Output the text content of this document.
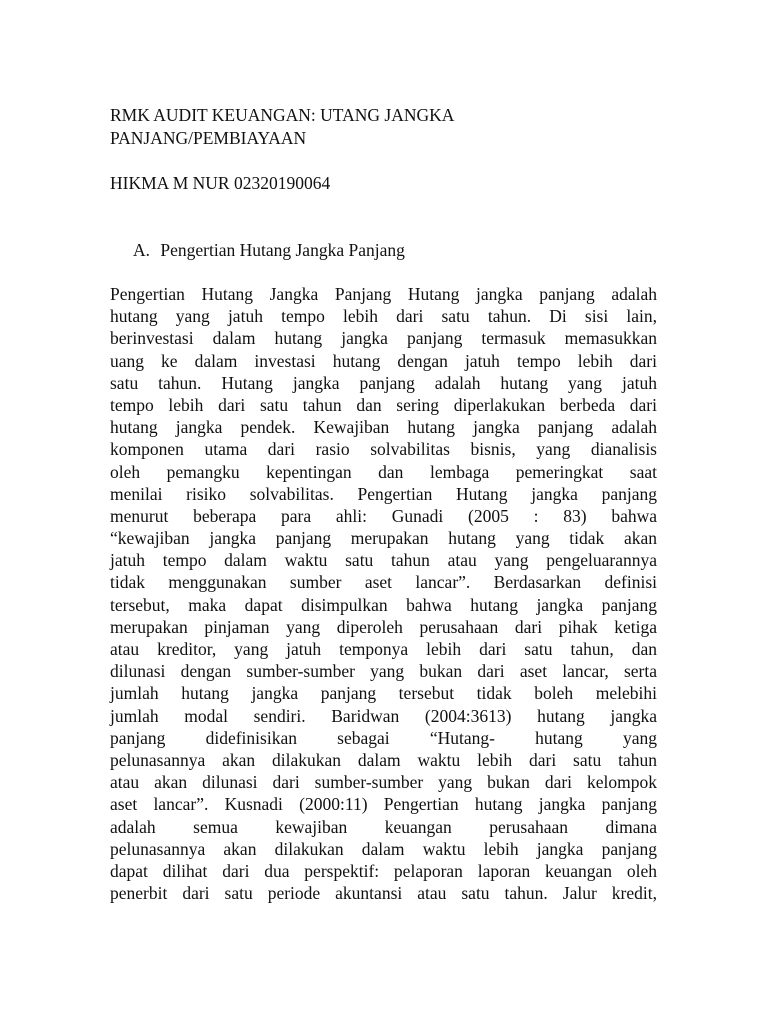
RMK AUDIT KEUANGAN: UTANG JANGKA
PANJANG/PEMBIAYAAN

HIKMA M NUR 02320190064

A. Pengertian Hutang Jangka Panjang
Pengertian Hutang Jangka Panjang Hutang jangka panjang adalah
hutang yang jatuh tempo lebih dari satu tahun. Di sisi lain,
berinvestasi dalam hutang jangka panjang termasuk memasukkan
uang ke dalam investasi hutang dengan jatuh tempo lebih dari
satu tahun. Hutang jangka panjang adalah hutang yang jatuh
tempo lebih dari satu tahun dan sering diperlakukan berbeda dari
hutang jangka pendek. Kewajiban hutang jangka panjang adalah
komponen utama dari rasio solvabilitas bisnis, yang dianalisis
oleh pemangku kepentingan dan lembaga pemeringkat saat
menilai risiko solvabilitas. Pengertian Hutang jangka panjang
menurut beberapa para ahli: Gunadi (2005 : 83) bahwa
“kewajiban jangka panjang merupakan hutang yang tidak akan
jatuh tempo dalam waktu satu tahun atau yang pengeluarannya
tidak menggunakan sumber aset lancar”. Berdasarkan definisi
tersebut, maka dapat disimpulkan bahwa hutang jangka panjang
merupakan pinjaman yang diperoleh perusahaan dari pihak ketiga
atau kreditor, yang jatuh temponya lebih dari satu tahun, dan
dilunasi dengan sumber-sumber yang bukan dari aset lancar, serta
jumlah hutang jangka panjang tersebut tidak boleh melebihi
jumlah modal sendiri. Baridwan (2004:3613) hutang jangka
panjang didefinisikan sebagai “Hutang- hutang yang
pelunasannya akan dilakukan dalam waktu lebih dari satu tahun
atau akan dilunasi dari sumber-sumber yang bukan dari kelompok
aset lancar”. Kusnadi (2000:11) Pengertian hutang jangka panjang
adalah semua kewajiban keuangan perusahaan dimana
pelunasannya akan dilakukan dalam waktu lebih jangka panjang
dapat dilihat dari dua perspektif: pelaporan laporan keuangan oleh
penerbit dari satu periode akuntansi atau satu tahun. Jalur kredit,
